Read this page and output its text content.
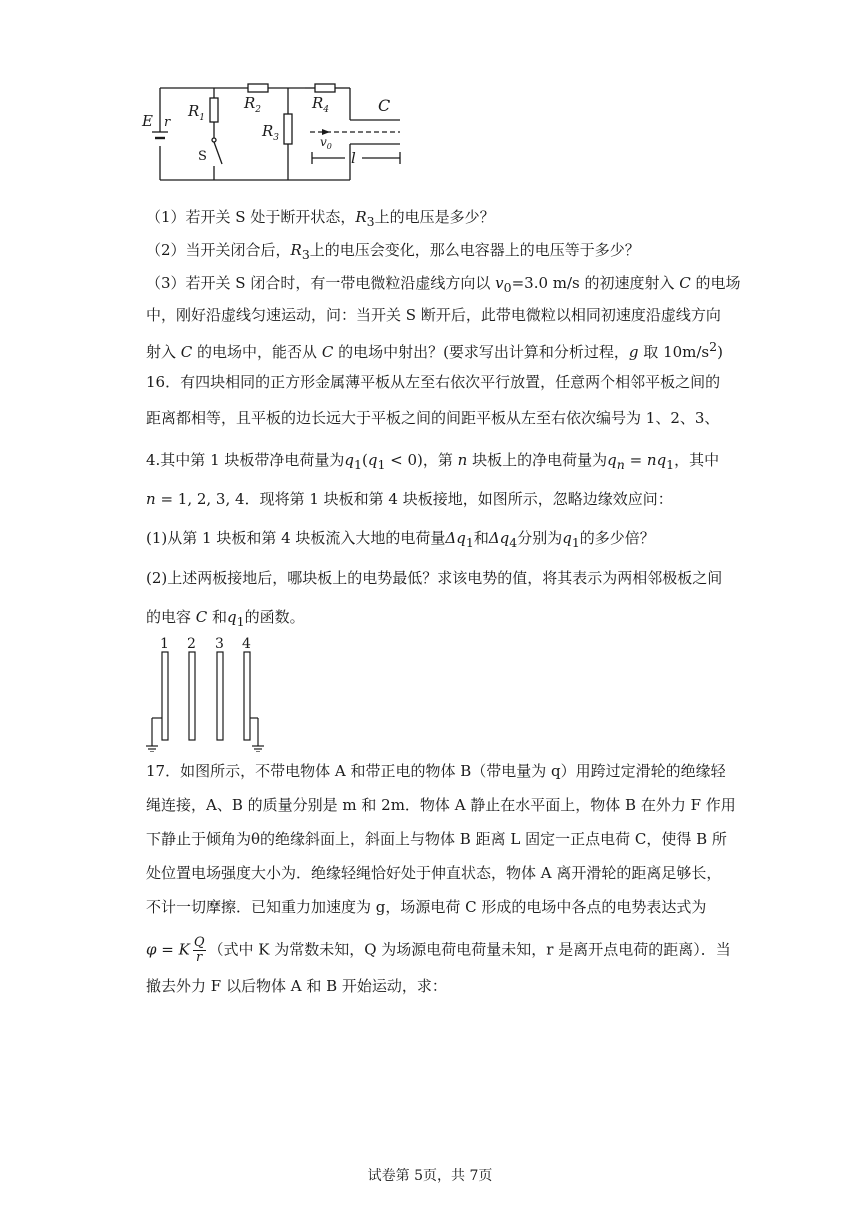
E r
$R_1$
$R_2$
$R_3$
$R_4$	C
$v_0$
l
S
（1）若开关 S 处于断开状态，$R_3$上的电压是多少？
（2）当开关闭合后，$R_3$上的电压会变化，那么电容器上的电压等于多少？
（3）若开关 S 闭合时，有一带电微粒沿虚线方向以 $v_0=3.0$ m/s 的初速度射入 C 的电场
中，刚好沿虚线匀速运动，问：当开关 S 断开后，此带电微粒以相同初速度沿虚线方向
射入 C 的电场中，能否从 C 的电场中射出？(要求写出计算和分析过程，g 取 $10m/s^2$)
16．有四块相同的正方形金属薄平板从左至右依次平行放置，任意两个相邻平板之间的
距离都相等，且平板的边长远大于平板之间的间距平板从左至右依次编号为 1、2、3、
4.其中第 1 块板带净电荷量为$q_1(q_1 < 0)$，第 n 块板上的净电荷量为$q_n = nq_1$，其中
n = 1, 2, 3, 4．现将第 1 块板和第 4 块板接地，如图所示，忽略边缘效应问：
(1)从第 1 块板和第 4 块板流入大地的电荷量$\Delta q_1$和$\Delta q_4$分别为$q_1$的多少倍？
(2)上述两板接地后，哪块板上的电势最低？求该电势的值，将其表示为两相邻极板之间
的电容 C 和$q_1$的函数。
1 2 3 4
17．如图所示，不带电物体 A 和带正电的物体 B（带电量为 q）用跨过定滑轮的绝缘轻
绳连接，A、B 的质量分别是 m 和 2m．物体 A 静止在水平面上，物体 B 在外力 F 作用
下静止于倾角为θ的绝缘斜面上，斜面上与物体 B 距离 L 固定一正点电荷 C，使得 B 所
处位置电场强度大小为．绝缘轻绳恰好处于伸直状态，物体 A 离开滑轮的距离足够长，
不计一切摩擦．已知重力加速度为 g，场源电荷 C 形成的电场中各点的电势表达式为
φ = K $\frac{Q}{r}$ （式中 K 为常数未知，Q 为场源电荷电荷量未知，r 是离开点电荷的距离）．当
撤去外力 F 以后物体 A 和 B 开始运动，求：
试卷第 5页，共 7页
